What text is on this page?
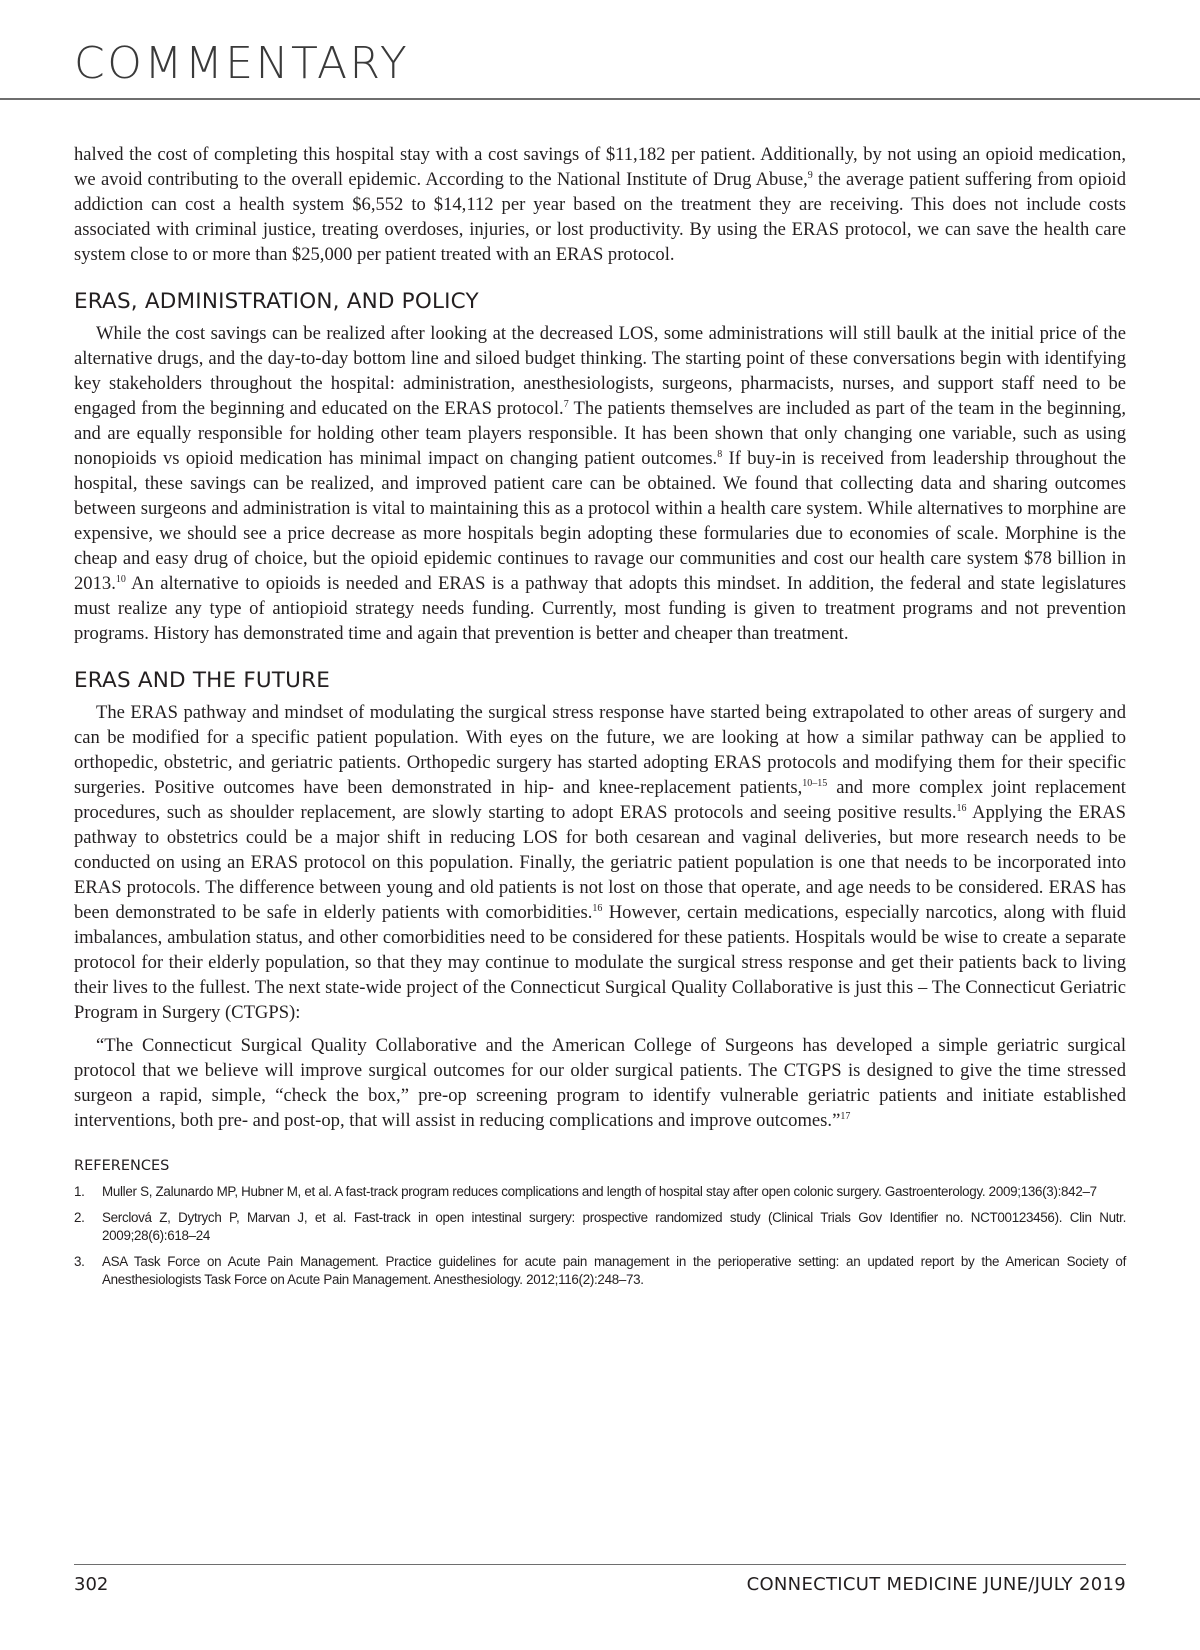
COMMENTARY

halved the cost of completing this hospital stay with a cost savings of $11,182 per patient. Additionally, by not using an opioid medication, we avoid contributing to the overall epidemic. According to the National Institute of Drug Abuse,$^9$ the average patient suffering from opioid addiction can cost a health system $6,552 to $14,112 per year based on the treatment they are receiving. This does not include costs associated with criminal justice, treating overdoses, injuries, or lost productivity. By using the ERAS protocol, we can save the health care system close to or more than $25,000 per patient treated with an ERAS protocol.

ERAS, ADMINISTRATION, AND POLICY

While the cost savings can be realized after looking at the decreased LOS, some administrations will still baulk at the initial price of the alternative drugs, and the day-to-day bottom line and siloed budget thinking. The starting point of these conversations begin with identifying key stakeholders throughout the hospital: administration, anesthesiologists, surgeons, pharmacists, nurses, and support staff need to be engaged from the beginning and educated on the ERAS protocol.$^7$ The patients themselves are included as part of the team in the beginning, and are equally responsible for holding other team players responsible. It has been shown that only changing one variable, such as using nonopioids vs opioid medication has minimal impact on changing patient outcomes.$^8$ If buy-in is received from leadership throughout the hospital, these savings can be realized, and improved patient care can be obtained. We found that collecting data and sharing outcomes between surgeons and administration is vital to maintaining this as a protocol within a health care system. While alternatives to morphine are expensive, we should see a price decrease as more hospitals begin adopting these formularies due to economies of scale. Morphine is the cheap and easy drug of choice, but the opioid epidemic continues to ravage our communities and cost our health care system $78 billion in 2013.10 An alternative to opioids is needed and ERAS is a pathway that adopts this mindset. In addition, the federal and state legislatures must realize any type of antiopioid strategy needs funding. Currently, most funding is given to treatment programs and not prevention programs. History has demonstrated time and again that prevention is better and cheaper than treatment.

ERAS AND THE FUTURE

The ERAS pathway and mindset of modulating the surgical stress response have started being extrapolated to other areas of surgery and can be modified for a specific patient population. With eyes on the future, we are looking at how a similar pathway can be applied to orthopedic, obstetric, and geriatric patients. Orthopedic surgery has started adopting ERAS protocols and modifying them for their specific surgeries. Positive outcomes have been demonstrated in hip- and knee-replacement patients,$^{10-15}$ and more complex joint replacement procedures, such as shoulder replacement, are slowly starting to adopt ERAS protocols and seeing positive results.$^{16}$ Applying the ERAS pathway to obstetrics could be a major shift in reducing LOS for both cesarean and vaginal deliveries, but more research needs to be conducted on using an ERAS protocol on this population. Finally, the geriatric patient population is one that needs to be incorporated into ERAS protocols. The difference between young and old patients is not lost on those that operate, and age needs to be considered. ERAS has been demonstrated to be safe in elderly patients with comorbidities.$^{16}$ However, certain medications, especially narcotics, along with fluid imbalances, ambulation status, and other comorbidities need to be considered for these patients. Hospitals would be wise to create a separate protocol for their elderly population, so that they may continue to modulate the surgical stress response and get their patients back to living their lives to the fullest. The next state-wide project of the Connecticut Surgical Quality Collaborative is just this – The Connecticut Geriatric Program in Surgery (CTGPS):

“The Connecticut Surgical Quality Collaborative and the American College of Surgeons has developed a simple geriatric surgical protocol that we believe will improve surgical outcomes for our older surgical patients. The CTGPS is designed to give the time stressed surgeon a rapid, simple, “check the box,” pre-op screening program to identify vulnerable geriatric patients and initiate established interventions, both pre- and post-op, that will assist in reducing complications and improve outcomes.”$^{17}$

REFERENCES
1. Muller S, Zalunardo MP, Hubner M, et al. A fast-track program reduces complications and length of hospital stay after open colonic surgery. Gastroenterology. 2009;136(3):842–7
2. Serclová Z, Dytrych P, Marvan J, et al. Fast-track in open intestinal surgery: prospective randomized study (Clinical Trials Gov Identifier no. NCT00123456). Clin Nutr. 2009;28(6):618–24
3. ASA Task Force on Acute Pain Management. Practice guidelines for acute pain management in the perioperative setting: an updated report by the American Society of Anesthesiologists Task Force on Acute Pain Management. Anesthesiology. 2012;116(2):248–73.
302	CONNECTICUT MEDICINE JUNE/JULY 2019
